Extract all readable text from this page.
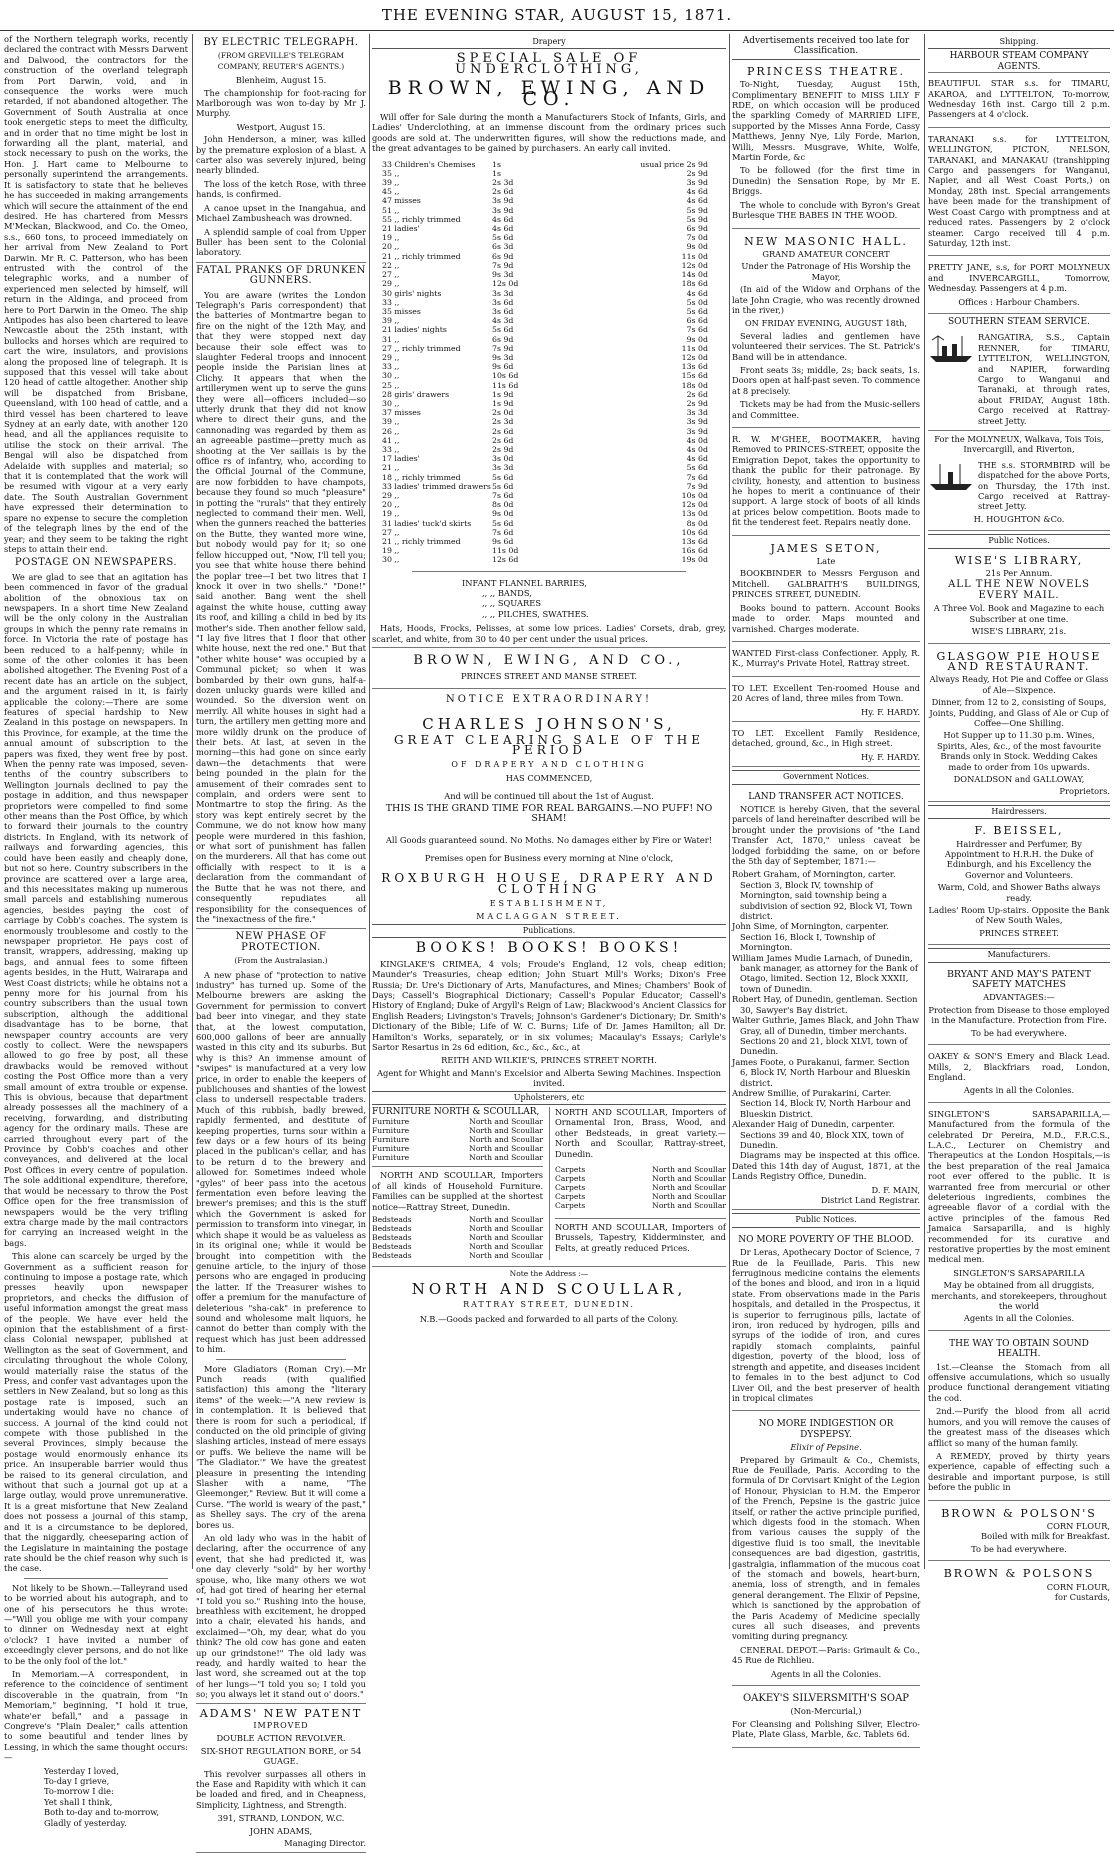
THE EVENING STAR, AUGUST 15, 1871.

of the Northern telegraph works, recently declared the contract with Messrs Darwent and Dalwood, the contractors for the construction of the overland telegraph from Port Darwin, void, and in consequence the works were much retarded, if not abandoned altogether. The Government of South Australia at once took energetic steps to meet the difficulty, and in order that no time might be lost in forwarding all the plant, material, and stock necessary to push on the works, the Hon. J. Hart came to Melbourne to personally superintend the arrangements. It is satisfactory to state that he believes he has succeeded in making arrangements which will secure the attainment of the end desired. He has chartered from Messrs M'Meckan, Blackwood, and Co. the Omeo, s.s., 660 tons, to proceed immediately on her arrival from New Zealand to Port Darwin. Mr R. C. Patterson, who has been entrusted with the control of the telegraphic works, and a number of experienced men selected by himself, will return in the Aldinga, and proceed from here to Port Darwin in the Omeo. The ship Antipodes has also been chartered to leave Newcastle about the 25th instant, with bullocks and horses which are required to cart the wire, insulators, and provisions along the proposed line of telegraph. It is supposed that this vessel will take about 120 head of cattle altogether. Another ship will be dispatched from Brisbane, Queensland, with 100 head of cattle, and a third vessel has been chartered to leave Sydney at an early date, with another 120 head, and all the appliances requisite to utilise the stock on their arrival. The Bengal will also be dispatched from Adelaide with supplies and material; so that it is contemplated that the work will be resumed with vigour at a very early date. The South Australian Government have expressed their determination to spare no expense to secure the completion of the telegraph lines by the end of the year; and they seem to be taking the right steps to attain their end.

POSTAGE ON NEWSPAPERS.

We are glad to see that an agitation has been commenced in favor of the gradual abolition of the obnoxious tax on newspapers. In a short time New Zealand will be the only colony in the Australian groups in which the penny rate remains in force. In Victoria the rate of postage has been reduced to a half-penny; while in some of the other colonies it has been abolished altogether. The Evening Post of a recent date has an article on the subject, and the argument raised in it, is fairly applicable the colony:—There are some features of special hardship to New Zealand in this postage on newspapers. In this Province, for example, at the time the annual amount of subscription to the papers was fixed, they went free by post. When the penny rate was imposed, seven-tenths of the country subscribers to Wellington journals declined to pay the postage in addition, and thus newspaper proprietors were compelled to find some other means than the Post Office, by which to forward their journals to the country districts. In England, with its network of railways and forwarding agencies, this could have been easily and cheaply done, but not so here. Country subscribers in the province are scattered over a large area, and this necessitates making up numerous small parcels and establishing numerous agencies, besides paying the cost of carriage by Cobb's coaches. The system is enormously troublesome and costly to the newspaper proprietor. He pays cost of transit, wrappers, addressing, making up bags, and annual fees to some fifteen agents besides, in the Hutt, Wairarapa and West Coast districts; while he obtains not a penny more for his journal from his country subscribers than the usual town subscription, although the additional disadvantage has to be borne, that newspaper country accounts are very costly to collect. Were the newspapers allowed to go free by post, all these drawbacks would be removed without costing the Post Office more than a very small amount of extra trouble or expense. This is obvious, because that department already possesses all the machinery of a receiving, forwarding, and distributing agency for the ordinary mails. These are carried throughout every part of the Province by Cobb's coaches and other conveyances, and delivered at the local Post Offices in every centre of population. The sole additional expenditure, therefore, that would be necessary to throw the Post Office open for the free transmission of newspapers would be the very trifling extra charge made by the mail contractors for carrying an increased weight in the bags.

This alone can scarcely be urged by the Government as a sufficient reason for continuing to impose a postage rate, which presses heavily upon newspaper proprietors, and checks the diffusion of useful information amongst the great mass of the people. We have ever held the opinion that the establishment of a first-class Colonial newspaper, published at Wellington as the seat of Government, and circulating throughout the whole Colony, would materially raise the status of the Press, and confer vast advantages upon the settlers in New Zealand, but so long as this postage rate is imposed, such an undertaking would have no chance of success. A journal of the kind could not compete with those published in the several Provinces, simply because the postage would enormously enhance its price. An insuperable barrier would thus be raised to its general circulation, and without that such a journal got up at a large outlay, would prove unremunerative. It is a great misfortune that New Zealand does not possess a journal of this stamp, and it is a circumstance to be deplored, that the niggardly, cheeseparing action of the Legislature in maintaining the postage rate should be the chief reason why such is the case.

Not likely to be Shown.—Talleyrand used to be worried about his autograph, and to one of his persecutors he thus wrote:—"Will you oblige me with your company to dinner on Wednesday next at eight o'clock? I have invited a number of exceedingly clever persons, and do not like to be the only fool of the lot."

In Memoriam.—A correspondent, in reference to the coincidence of sentiment discoverable in the quatrain, from "In Memoriam," beginning, "I hold it true, whate'er befall," and a passage in Congreve's "Plain Dealer," calls attention to some beautiful and tender lines by Lessing, in which the same thought occurs:—

Yesterday I loved,
To-day I grieve,
To-morrow I die:
Yet shall I think,
Both to-day and to-morrow,
Gladly of yesterday.
BY ELECTRIC TELEGRAPH.
(FROM GREVILLE'S TELEGRAM COMPANY, REUTER'S AGENTS.)
Blenheim, August 15.

The championship for foot-racing for Marlborough was won to-day by Mr J. Murphy.

Westport, August 15.

John Henderson, a miner, was killed by the premature explosion of a blast. A carter also was severely injured, being nearly blinded.

The loss of the ketch Rose, with three hands, is confirmed.

A canoe upset in the Inangahua, and Michael Zambusheach was drowned.

A splendid sample of coal from Upper Buller has been sent to the Colonial laboratory.

FATAL PRANKS OF DRUNKEN GUNNERS.

You are aware (writes the London Telegraph's Paris correspondent) that the batteries of Montmartre began to fire on the night of the 12th May, and that they were stopped next day because their sole effect was to slaughter Federal troops and innocent people inside the Parisian lines at Clichy. It appears that when the artillerymen went up to serve the guns they were all—officers included—so utterly drunk that they did not know where to direct their guns, and the cannonading was regarded by them as an agreeable pastime—pretty much as shooting at the Ver saillais is by the office rs of infantry, who, according to the Official Journal of the Commune, are now forbidden to have champots, because they found so much "pleasure" in potting the "rurals" that they entirely neglected to command their men. Well, when the gunners reached the batteries on the Butte, they wanted more wine, but nobody would pay for it; so one fellow hiccupped out, "Now, I'll tell you; you see that white house there behind the poplar tree—I bet two litres that I knock it over in two shells." "Done!" said another. Bang went the shell against the white house, cutting away its roof, and killing a child in bed by its mother's side. Then another fellow said, "I lay five litres that I floor that other white house, next the red one." But that "other white house" was occupied by a Communal picket; so when it was bombarded by their own guns, half-a-dozen unlucky guards were killed and wounded. So the diversion went on merrily. All white houses in sight had a turn, the artillery men getting more and more wildly drunk on the produce of their bets. At last, at seven in the morning—this had gone on since early dawn—the detachments that were being pounded in the plain for the amusement of their comrades sent to complain, and orders were sent to Montmartre to stop the firing. As the story was kept entirely secret by the Commune, we do not know how many people were murdered in this fashion, or what sort of punishment has fallen on the murderers. All that has come out officially with respect to it is a declaration from the commandant of the Butte that he was not there, and consequently repudiates all responsibility for the consequences of the "inexactness of the fire."

NEW PHASE OF PROTECTION.
(From the Australasian.)

A new phase of "protection to native industry" has turned up. Some of the Melbourne brewers are asking the Government for permission to convert bad beer into vinegar, and they state that, at the lowest computation, 600,000 gallons of beer are annually wasted in this city and its suburbs. But why is this? An immense amount of "swipes" is manufactured at a very low price, in order to enable the keepers of publichouses and shanties of the lowest class to undersell respectable traders. Much of this rubbish, badly brewed, rapidly fermented, and destitute of keeping properties, turns sour within a few days or a few hours of its being placed in the publican's cellar, and has to be return d to the brewery and allowed for. Sometimes indeed whole "gyles" of beer pass into the acetous fermentation even before leaving the brewer's premises; and this is the stuff which the Government is asked for permission to transform into vinegar, in which shape it would be as valueless as in its original one; while it would be brought into competition with the genuine article, to the injury of those persons who are engaged in producing the latter. If the Treasurer wishes to offer a premium for the manufacture of deleterious "sha-cak" in preference to sound and wholesome malt liquors, he cannot do better than comply with the request which has just been addressed to him.

More Gladiators (Roman Cry).—Mr Punch reads (with qualified satisfaction) this among the "literary items" of the week:—"A new review is in contemplation. It is believed that there is room for such a periodical, if conducted on the old principle of giving slashing articles, instead of mere essays or puffs. We believe the name will be 'The Gladiator.'" We have the greatest pleasure in presenting the intending Slasher with a name, "The Gleemonger," Review. But it will come a Curse. "The world is weary of the past," as Shelley says. The cry of the arena bores us.

An old lady who was in the habit of declaring, after the occurrence of any event, that she had predicted it, was one day cleverly "sold" by her worthy spouse, who, like many others we wot of, had got tired of hearing her eternal "I told you so." Rushing into the house, breathless with excitement, he dropped into a chair, elevated his hands, and exclaimed—"Oh, my dear, what do you think? The old cow has gone and eaten up our grindstone!" The old lady was ready, and hardly waited to hear the last word, she screamed out at the top of her lungs—"I told you so; I told you so; you always let it stand out o' doors."

ADAMS' NEW PATENT
IMPROVED
DOUBLE ACTION REVOLVER.
SIX-SHOT REGULATION BORE, or 54 GUAGE.

This revolver surpasses all others in the Ease and Rapidity with which it can be loaded and fired, and in Cheapness, Simplicity, Lightness, and Strength.

391, STRAND, LONDON, W.C.
JOHN ADAMS,
Managing Director.
Drapery
SPECIAL SALE OF UNDERCLOTHING,
BROWN, EWING, AND CO.

Will offer for Sale during the month a Manufacturers Stock of Infants, Girls, and Ladies' Underclothing, at an immense discount from the ordinary prices such goods are sold at. The underwritten figures, will show the reductions made, and the great advantages to be gained by purchasers. An early call invited.

33 Children's Chemises	1s	usual price 2s 9d
35 ,,	1s	2s 9d
39 ,,	2s 3d	3s 9d
45 ,,	2s 6d	4s 6d
47 misses	3s 9d	4s 6d
51 ,,	3s 9d	5s 9d
55 ,, richly trimmed	4s 6d	5s 9d
21 ladies'	4s 6d	6s 9d
19 ,,	5s 6d	7s 0d
20 ,,	6s 3d	9s 0d
21 ,, richly trimmed	6s 9d	11s 0d
22 ,,	7s 9d	12s 0d
27 ,,	9s 3d	14s 0d
29 ,,	12s 0d	18s 6d
30 girls' nights	3s 3d	4s 6d
33 ,,	3s 6d	5s 0d
35 misses	3s 6d	5s 6d
39 ,,	4s 3d	6s 6d
21 ladies' nights	5s 6d	7s 6d
31 ,,	6s 9d	9s 0d
27 ,, richly trimmed	7s 9d	11s 0d
29 ,,	9s 3d	12s 0d
33 ,,	9s 6d	13s 6d
30 ,,	10s 6d	15s 6d
25 ,,	11s 6d	18s 0d
28 girls' drawers	1s 9d	2s 6d
30 ,,	1s 9d	2s 9d
37 misses	2s 0d	3s 3d
39 ,,	2s 3d	3s 9d
26 ,,	2s 6d	3s 9d
41 ,,	2s 6d	4s 0d
33 ,,	2s 9d	4s 0d
17 ladies'	3s 0d	4s 6d
21 ,,	3s 3d	5s 6d
18 ,, richly trimmed	5s 6d	7s 6d
33 ladies' trimmed drawers 5s 6d	7s 9d
29 ,,	7s 6d	10s 0d
20 ,,	8s 0d	12s 0d
19 ,,	9s 0d	13s 0d
31 ladies' tuck'd skirts	5s 6d	8s 0d
27 ,,	7s 6d	10s 6d
21 ,, richly trimmed	9s 6d	13s 6d
19 ,,	11s 0d	16s 6d
30 ,,	12s 6d	19s 0d
INFANT FLANNEL BARRIES,
,, ,, BANDS,
,, ,, SQUARES
,, ,, PILCHES, SWATHES.

Hats, Hoods, Frocks, Pelisses, at some low prices. Ladies' Corsets, drab, grey, scarlet, and white, from 30 to 40 per cent under the usual prices.

BROWN, EWING, AND CO.,
PRINCES STREET AND MANSE STREET.
NOTICE EXTRAORDINARY!
CHARLES JOHNSON'S,
GREAT CLEARING SALE OF THE PERIOD
OF DRAPERY AND CLOTHING
HAS COMMENCED,
And will be continued till about the 1st of August.
THIS IS THE GRAND TIME FOR REAL BARGAINS.—NO PUFF! NO SHAM!
All Goods guaranteed sound. No Moths. No damages either by Fire or Water!
Premises open for Business every morning at Nine o'clock,
ROXBURGH HOUSE, DRAPERY AND CLOTHING
ESTABLISHMENT,
MACLAGGAN STREET.
Publications.
BOOKS! BOOKS! BOOKS!

KINGLAKE'S CRIMEA, 4 vols; Froude's England, 12 vols, cheap edition; Maunder's Treasuries, cheap edition; John Stuart Mill's Works; Dixon's Free Russia; Dr. Ure's Dictionary of Arts, Manufactures, and Mines; Chambers' Book of Days; Cassell's Biographical Dictionary; Cassell's Popular Educator; Cassell's History of England; Duke of Argyll's Reign of Law; Blackwood's Ancient Classics for English Readers; Livingston's Travels; Johnson's Gardener's Dictionary; Dr. Smith's Dictionary of the Bible; Life of W. C. Burns; Life of Dr. James Hamilton; all Dr. Hamilton's Works, separately, or in six volumes; Macaulay's Essays; Carlyle's Sartor Resartus in 2s 6d edition, &c., &c., &c., at

REITH AND WILKIE'S, PRINCES STREET NORTH.
Agent for Whight and Mann's Excelsior and Alberta Sewing Machines. Inspection invited.
Upholsterers, etc
FURNITURE NORTH & SCOULLAR,
Furniture	North and Scoullar
Furniture	North and Scoullar
Furniture	North and Scoullar
Furniture	North and Scoullar
Furniture	North and Scoullar

NORTH AND SCOULLAR, Importers of all kinds of Household Furniture. Families can be supplied at the shortest notice—Rattray Street, Dunedin.

Bedsteads	North and Scoullar
Bedsteads	North and Scoullar
Bedsteads	North and Scoullar
Bedsteads	North and Scoullar
Bedsteads	North and Scoullar

NORTH AND SCOULLAR, Importers of Ornamental Iron, Brass, Wood, and other Bedsteads, in great variety.—North and Scoullar, Rattray-street, Dunedin.

Carpets	North and Scoullar
Carpets	North and Scoullar
Carpets	North and Scoullar
Carpets	North and Scoullar
Carpets	North and Scoullar

NORTH AND SCOULLAR, Importers of Brussels, Tapestry, Kidderminster, and Felts, at greatly reduced Prices.

Note the Address :—
NORTH AND SCOULLAR,
RATTRAY STREET, DUNEDIN.
N.B.—Goods packed and forwarded to all parts of the Colony.
Advertisements received too late for Classification.
PRINCESS THEATRE.

To-Night, Tuesday, August 15th, Complimentary BENEFIT to MISS LILY F RDE, on which occasion will be produced the sparkling Comedy of MARRIED LIFE, supported by the Misses Anna Forde, Cassy Matthews, Jenny Nye, Lily Forde, Marion, Willi, Messrs. Musgrave, White, Wolfe, Martin Forde, &c

To be followed (for the first time in Dunedin) the Sensation Rope, by Mr E. Briggs.

The whole to conclude with Byron's Great Burlesque THE BABES IN THE WOOD.

NEW MASONIC HALL.
GRAND AMATEUR CONCERT
Under the Patronage of His Worship the Mayor,

(In aid of the Widow and Orphans of the late John Cragie, who was recently drowned in the river,)

ON FRIDAY EVENING, AUGUST 18th,

Several ladies and gentlemen have volunteered their services. The St. Patrick's Band will be in attendance.

Front seats 3s; middle, 2s; back seats, 1s. Doors open at half-past seven. To commence at 8 precisely.

Tickets may be had from the Music-sellers and Committee.

R. W. M'GHEE, BOOTMAKER, having Removed to PRINCES-STREET, opposite the Emigration Depot, takes the opportunity to thank the public for their patronage. By civility, honesty, and attention to business he hopes to merit a continuance of their support. A large stock of boots of all kinds at prices below competition. Boots made to fit the tenderest feet. Repairs neatly done.

JAMES SETON,
Late

BOOKBINDER to Messrs Ferguson and Mitchell. GALBRAITH'S BUILDINGS, PRINCES STREET, DUNEDIN.

Books bound to pattern. Account Books made to order. Maps mounted and varnished. Charges moderate.

WANTED First-class Confectioner. Apply, R. K., Murray's Private Hotel, Rattray street.

TO LET. Excellent Ten-roomed House and 20 Acres of land, three miles from Town.

Hy. F. HARDY.

TO LET. Excellent Family Residence, detached, ground, &c., in High street.

Hy. F. HARDY.
Government Notices.
LAND TRANSFER ACT NOTICES.

NOTICE is hereby Given, that the several parcels of land hereinafter described will be brought under the provisions of "the Land Transfer Act, 1870," unless caveat be lodged forbidding the same, on or before the 5th day of September, 1871:—

Robert Graham, of Mornington, carter. Section 3, Block IV, township of Mornington, said township being a subdivision of section 92, Block VI, Town district.
John Sime, of Mornington, carpenter. Section 16, Block I, Township of Mornington.
William James Mudie Larnach, of Dunedin, bank manager, as attorney for the Bank of Otago, limited. Section 12, Block XXXII, town of Dunedin.
Robert Hay, of Dunedin, gentleman. Section 30, Sawyer's Bay district.
Walter Guthrie, James Black, and John Thaw Gray, all of Dunedin, timber merchants. Sections 20 and 21, block XLVI, town of Dunedin.
James Foote, o Purakanui, farmer. Section 6, Block IV, North Harbour and Blueskin district.
Andrew Smillie, of Purakarini, Carter. Section 14, Block IV, North Harbour and Blueskin District.
Alexander Haig of Dunedin, carpenter. Sections 39 and 40, Block XIX, town of Dunedin.

Diagrams may be inspected at this office. Dated this 14th day of August, 1871, at the Lands Registry Office, Dunedin.

D. F. MAIN,
District Land Registrar.
Public Notices.
NO MORE POVERTY OF THE BLOOD.

Dr Leras, Apothecary Doctor of Science, 7 Rue de la Feuillade, Paris. This new ferruginous medicine contains the elements of the bones and blood, and iron in a liquid state. From observations made in the Paris hospitals, and detailed in the Prospectus, it is superior to ferruginous pills, lactate of iron, iron reduced by hydrogen, pills and syrups of the iodide of iron, and cures rapidly stomach complaints, painful digestion, poverty of the blood, loss of strength and appetite, and diseases incident to females in to the best adjunct to Cod Liver Oil, and the best preserver of health in tropical climates

NO MORE INDIGESTION OR DYSPEPSY.
Elixir of Pepsine.

Prepared by Grimault & Co., Chemists, Rue de Feuillade, Paris. According to the formula of Dr Corvisart Knight of the Legion of Honour, Physician to H.M. the Emperor of the French, Pepsine is the gastric juice itself, or rather the active principle purified, which digests food in the stomach. When from various causes the supply of the digestive fluid is too small, the inevitable consequences are bad digestion, gastritis, gastralgia, inflammation of the mucous coat of the stomach and bowels, heart-burn, anemia, loss of strength, and in females general derangement. The Elixir of Pepsine, which is sanctioned by the approbation of the Paris Academy of Medicine specially cures all such diseases, and prevents vomiting during pregnancy.

CENERAL DEPOT.—Paris: Grimault & Co., 45 Rue de Richlieu.

Agents in all the Colonies.
OAKEY'S SILVERSMITH'S SOAP
(Non-Mercurial,)

For Cleansing and Polishing Silver, Electro-Plate, Plate Glass, Marble, &c. Tablets 6d.

Shipping.
HARBOUR STEAM COMPANY AGENTS.

BEAUTIFUL STAR s.s. for TIMARU, AKAROA, and LYTTELTON, To-morrow, Wednesday 16th inst. Cargo till 2 p.m. Passengers at 4 o'clock.

TARANAKI s.s. for LYTTELTON, WELLINGTON, PICTON, NELSON, TARANAKI, and MANAKAU (transhipping Cargo and passengers for Wanganui, Napier, and all West Coast Ports,) on Monday, 28th inst. Special arrangements have been made for the transhipment of West Coast Cargo with promptness and at reduced rates. Passengers by 2 o'clock steamer. Cargo received till 4 p.m. Saturday, 12th inst.

PRETTY JANE, s.s, for PORT MOLYNEUX and INVERCARGILL, Tomorrow, Wednesday. Passengers at 4 p.m.

Offices : Harbour Chambers.
SOUTHERN STEAM SERVICE.

RANGATIRA, S.S., Captain RENNER, for TIMARU, LYTTELTON, WELLINGTON, and NAPIER, forwarding Cargo to Wanganui and Taranaki, at through rates, about FRIDAY, August 18th. Cargo received at Rattray-street Jetty.

For the MOLYNEUX, Walkava, Tois Tois, Invercargill, and Riverton,

THE s.s. STORMBIRD will be dispatched for the above Ports, on Thursday, the 17th inst. Cargo received at Rattray-street Jetty.

H. HOUGHTON &Co.
Public Notices.
WISE'S LIBRARY,
21s Per Annum.
ALL THE NEW NOVELS EVERY MAIL.
A Three Vol. Book and Magazine to each Subscriber at one time.
WISE'S LIBRARY, 21s.
GLASGOW PIE HOUSE AND RESTAURANT.
Always Ready, Hot Pie and Coffee or Glass of Ale—Sixpence.
Dinner, from 12 to 2, consisting of Soups, Joints, Pudding, and Glass of Ale or Cup of Coffee—One Shilling.
Hot Supper up to 11.30 p.m. Wines, Spirits, Ales, &c., of the most favourite Brands only in Stock. Wedding Cakes made to order from 10s upwards.
DONALDSON and GALLOWAY,
Proprietors.
Hairdressers.
F. BEISSEL,
Hairdresser and Perfumer, By Appointment to H.R.H. the Duke of Edinburgh, and his Excellency the Governor and Volunteers.
Warm, Cold, and Shower Baths always ready.
Ladies' Room Up-stairs. Opposite the Bank of New South Wales,
PRINCES STREET.
Manufacturers.
BRYANT AND MAY'S PATENT SAFETY MATCHES
ADVANTAGES:—
Protection from Disease to those employed in the Manufacture. Protection from Fire.
To be had everywhere.

OAKEY & SON'S Emery and Black Lead. Mills, 2, Blackfriars road, London, England.

Agents in all the Colonies.

SINGLETON'S SARSAPARILLA,—Manufactured from the formula of the celebrated Dr Pereira, M.D., F.R.C.S., L.A.C., Lecturer on Chemistry and Therapeutics at the London Hospitals,—is the best preparation of the real Jamaica root ever offered to the public. It is warranted free from mercurial or other deleterious ingredients, combines the agreeable flavor of a cordial with the active principles of the famous Red Jamaica Sarsaparilla, and is highly recommended for its curative and restorative properties by the most eminent medical men.

SINGLETON'S SARSAPARILLA
May be obtained from all druggists, merchants, and storekeepers, throughout the world
Agents in all the Colonies.
THE WAY TO OBTAIN SOUND HEALTH.

1st.—Cleanse the Stomach from all offensive accumulations, which so usually produce functional derangement vitiating the cod.

2nd.—Purify the blood from all acrid humors, and you will remove the causes of the greatest mass of the diseases which afflict so many of the human family.

A REMEDY, proved by thirty years experience, capable of effecting such a desirable and important purpose, is still before the public in

BROWN & POLSON'S
CORN FLOUR,
Boiled with milk for Breakfast.
To be had everywhere.
BROWN & POLSONS
CORN FLOUR,
for Custards,
